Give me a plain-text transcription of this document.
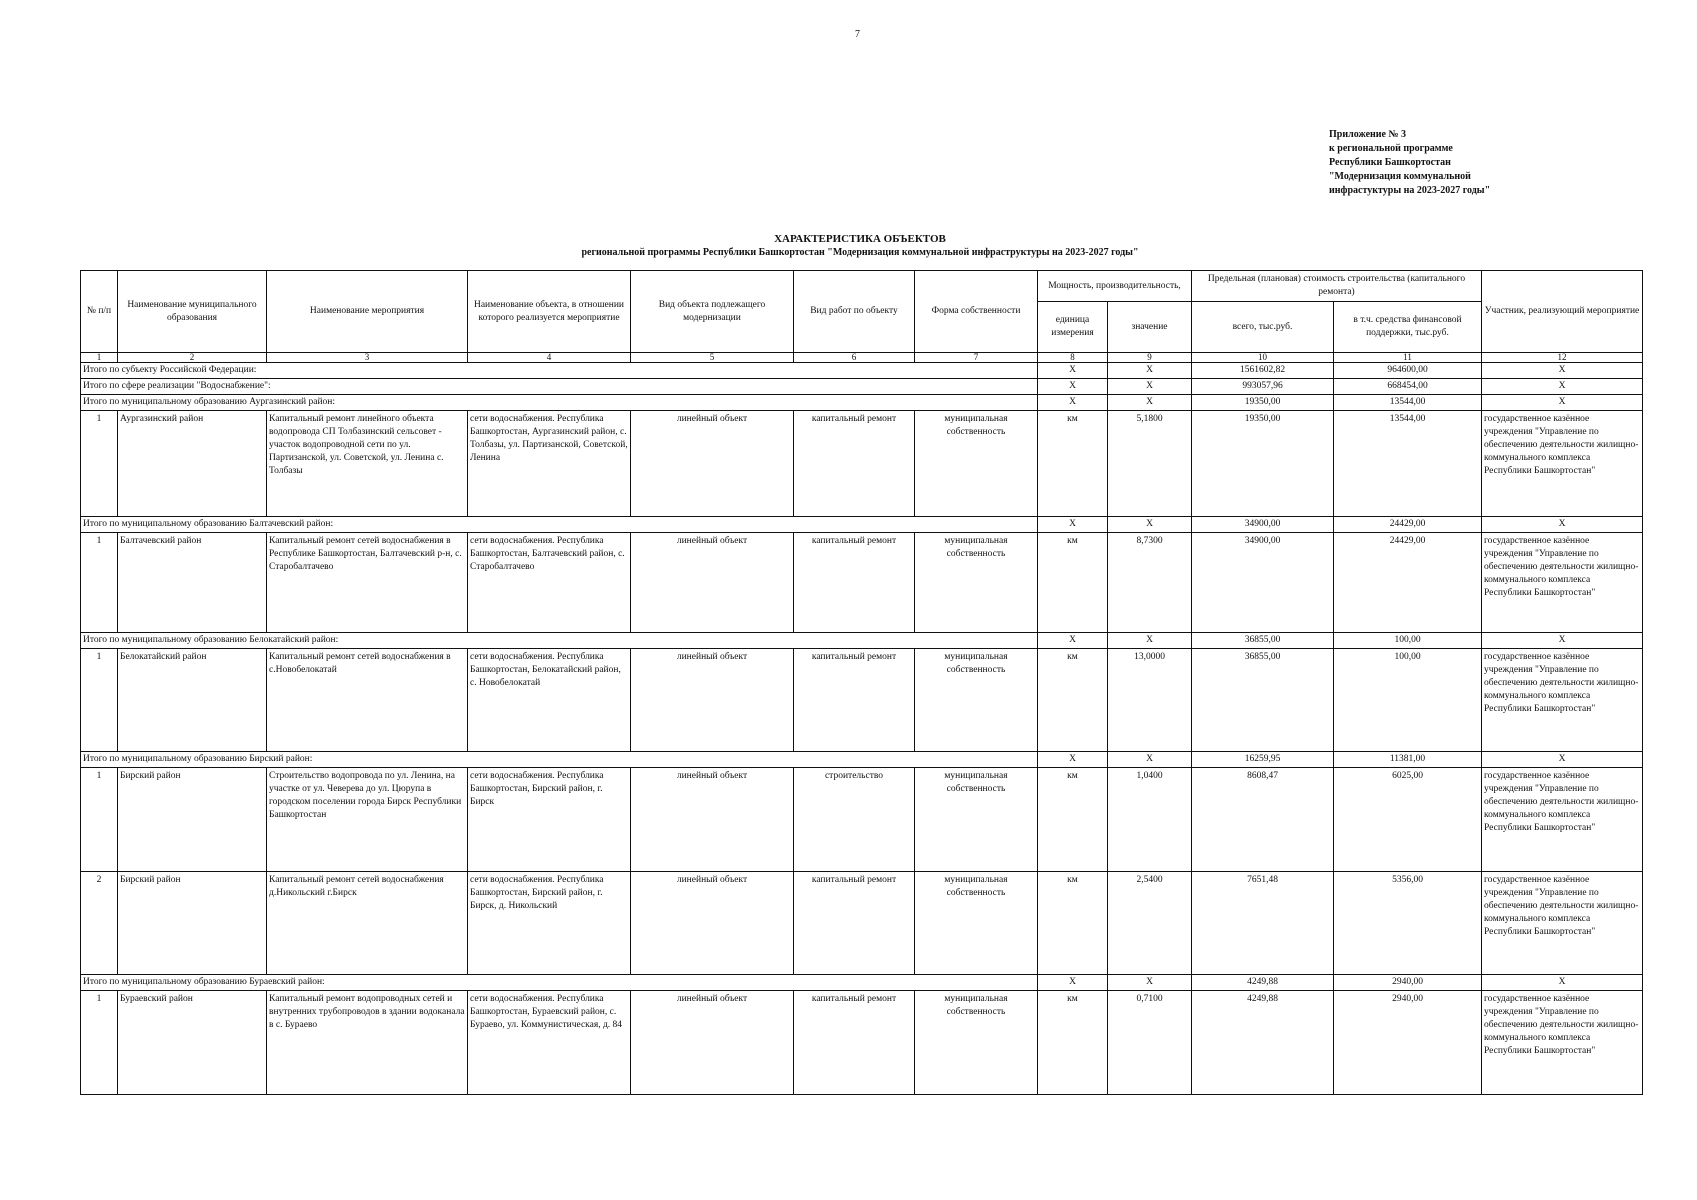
7
Приложение № 3
к региональной программе
Республики Башкортостан
"Модернизация коммунальной
инфрастуктуры на 2023-2027 годы"
ХАРАКТЕРИСТИКА ОБЪЕКТОВ
региональной программы Республики Башкортостан "Модернизация коммунальной инфраструктуры на 2023-2027 годы"
№ п/п	Наименование муниципального образования	Наименование мероприятия	Наименование объекта, в отношении которого реализуется мероприятие	Вид объекта подлежащего модернизации	Вид работ по объекту	Форма собственности	Мощность, производительность,		Предельная (плановая) стоимость строительства (капитального ремонта)		Участник, реализующий мероприятие
							единица измерения	значение	всего, тыс.руб.	в т.ч. средства финансовой поддержки, тыс.руб.	
1	2	3	4	5	6	7	8	9	10	11	12
Итого по субъекту Российской Федерации:							X	X	1561602,82	964600,00	X
Итого по сфере реализации "Водоснабжение":							X	X	993057,96	668454,00	X
Итого по муниципальному образованию Аургазинский район:							X	X	19350,00	13544,00	X
1	Аургазинский район	Капитальный ремонт линейного объекта водопровода СП Толбазинский сельсовет - участок водопроводной сети по ул. Партизанской, ул. Советской, ул. Ленина с. Толбазы	сети водоснабжения. Республика Башкортостан, Аургазинский район, с. Толбазы, ул. Партизанской, Советской, Ленина	линейный объект	капитальный ремонт	муниципальная собственность	км	5,1800	19350,00	13544,00	государственное казённое учреждения "Управление по обеспечению деятельности жилищно-коммунального комплекса Республики Башкортостан"
Итого по муниципальному образованию Балтачевский район:							X	X	34900,00	24429,00	X
1	Балтачевский район	Капитальный ремонт сетей водоснабжения в Республике Башкортостан, Балтачевский р-н, с. Старобалтачево	сети водоснабжения. Республика Башкортостан, Балтачевский район, с. Старобалтачево	линейный объект	капитальный ремонт	муниципальная собственность	км	8,7300	34900,00	24429,00	государственное казённое учреждения "Управление по обеспечению деятельности жилищно-коммунального комплекса Республики Башкортостан"
Итого по муниципальному образованию Белокатайский район:							X	X	36855,00	100,00	X
1	Белокатайский район	Капитальный ремонт сетей водоснабжения в с.Новобелокатай	сети водоснабжения. Республика Башкортостан, Белокатайский район, с. Новобелокатай	линейный объект	капитальный ремонт	муниципальная собственность	км	13,0000	36855,00	100,00	государственное казённое учреждения "Управление по обеспечению деятельности жилищно-коммунального комплекса Республики Башкортостан"
Итого по муниципальному образованию Бирский район:							X	X	16259,95	11381,00	X
1	Бирский район	Строительство водопровода по ул. Ленина, на участке от ул. Чеверева до ул. Цюрупа в городском поселении города Бирск Республики Башкортостан	сети водоснабжения. Республика Башкортостан, Бирский район, г. Бирск	линейный объект	строительство	муниципальная собственность	км	1,0400	8608,47	6025,00	государственное казённое учреждения "Управление по обеспечению деятельности жилищно-коммунального комплекса Республики Башкортостан"
2	Бирский район	Капитальный ремонт сетей водоснабжения д.Никольский г.Бирск	сети водоснабжения. Республика Башкортостан, Бирский район, г. Бирск, д. Никольский	линейный объект	капитальный ремонт	муниципальная собственность	км	2,5400	7651,48	5356,00	государственное казённое учреждения "Управление по обеспечению деятельности жилищно-коммунального комплекса Республики Башкортостан"
Итого по муниципальному образованию Бураевский район:							X	X	4249,88	2940,00	X
1	Бураевский район	Капитальный ремонт водопроводных сетей и внутренних трубопроводов в здании водоканала в с. Бураево	сети водоснабжения. Республика Башкортостан, Бураевский район, с. Бураево, ул. Коммунистическая, д. 84	линейный объект	капитальный ремонт	муниципальная собственность	км	0,7100	4249,88	2940,00	государственное казённое учреждения "Управление по обеспечению деятельности жилищно-коммунального комплекса Республики Башкортостан"
